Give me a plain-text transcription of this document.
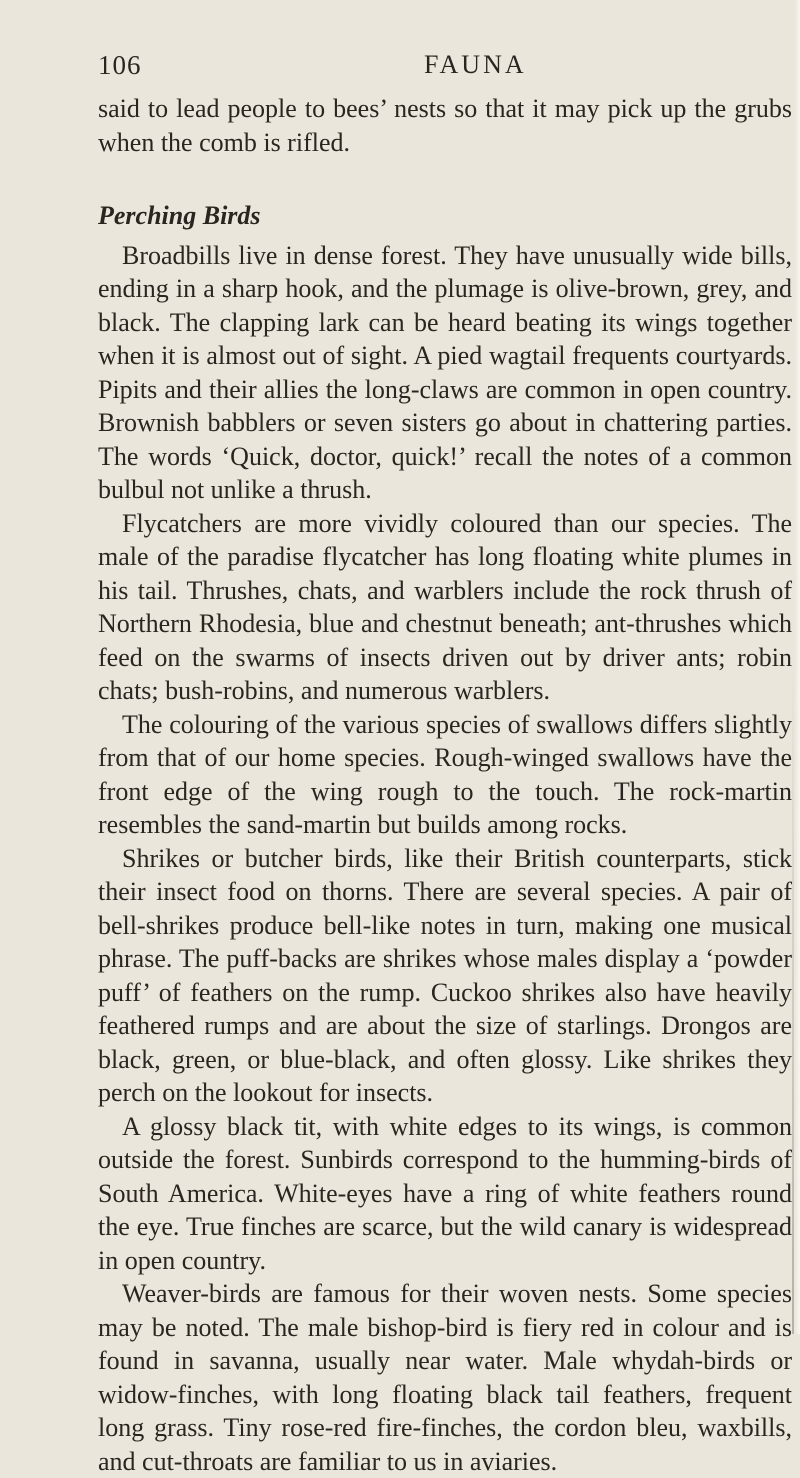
106	FAUNA

said to lead people to bees’ nests so that it may pick up the grubs when the comb is rifled.

Perching Birds

Broadbills live in dense forest. They have unusually wide bills, ending in a sharp hook, and the plumage is olive-brown, grey, and black. The clapping lark can be heard beating its wings together when it is almost out of sight. A pied wagtail frequents courtyards. Pipits and their allies the long-claws are common in open country. Brownish babblers or seven sisters go about in chattering parties. The words ‘Quick, doctor, quick!’ recall the notes of a common bulbul not unlike a thrush.

Flycatchers are more vividly coloured than our species. The male of the paradise flycatcher has long floating white plumes in his tail. Thrushes, chats, and warblers include the rock thrush of Northern Rhodesia, blue and chestnut beneath; ant-thrushes which feed on the swarms of insects driven out by driver ants; robin chats; bush-robins, and numerous warblers.

The colouring of the various species of swallows differs slightly from that of our home species. Rough-winged swallows have the front edge of the wing rough to the touch. The rock-martin resembles the sand-martin but builds among rocks.

Shrikes or butcher birds, like their British counterparts, stick their insect food on thorns. There are several species. A pair of bell-shrikes produce bell-like notes in turn, making one musical phrase. The puff-backs are shrikes whose males display a ‘powder puff’ of feathers on the rump. Cuckoo shrikes also have heavily feathered rumps and are about the size of starlings. Drongos are black, green, or blue-black, and often glossy. Like shrikes they perch on the lookout for insects.

A glossy black tit, with white edges to its wings, is common outside the forest. Sunbirds correspond to the humming-birds of South America. White-eyes have a ring of white feathers round the eye. True finches are scarce, but the wild canary is widespread in open country.

Weaver-birds are famous for their woven nests. Some species may be noted. The male bishop-bird is fiery red in colour and is found in savanna, usually near water. Male whydah-birds or widow-finches, with long floating black tail feathers, frequent long grass. Tiny rose-red fire-finches, the cordon bleu, waxbills, and cut-throats are familiar to us in aviaries.
